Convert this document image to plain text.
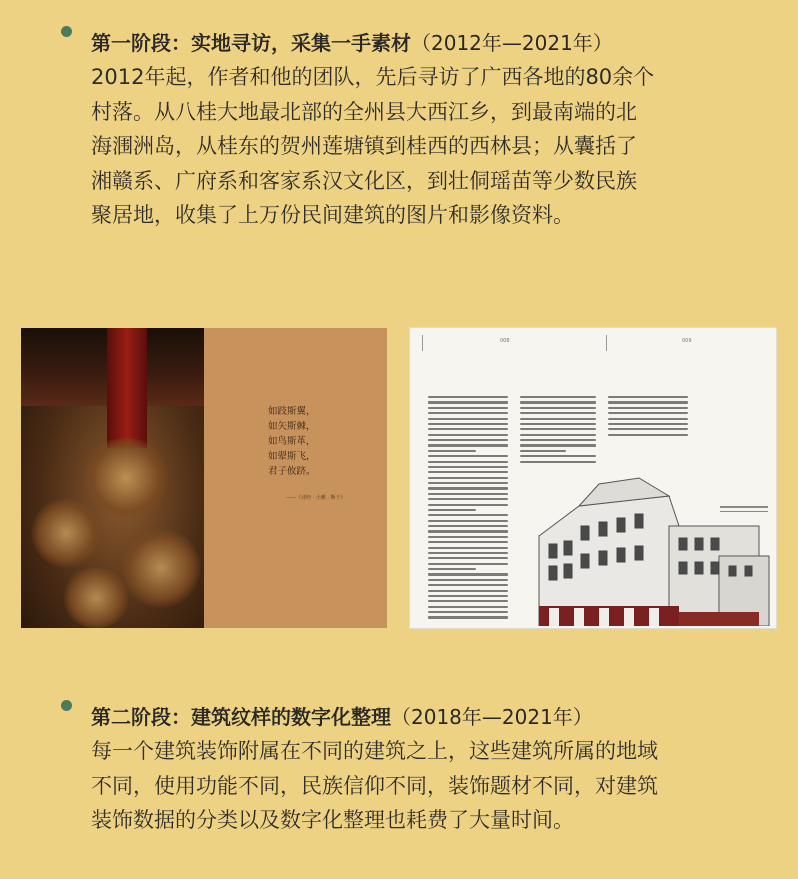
第一阶段：实地寻访，采集一手素材（2012年—2021年）
2012年起，作者和他的团队，先后寻访了广西各地的80余个
村落。从八桂大地最北部的全州县大西江乡，到最南端的北
海涠洲岛，从桂东的贺州莲塘镇到桂西的西林县；从囊括了
湘赣系、广府系和客家系汉文化区，到壮侗瑶苗等少数民族
聚居地，收集了上万份民间建筑的图片和影像资料。
如跂斯翼，
如矢斯棘，
如鸟斯革，
如翚斯飞，
君子攸跻。
——《诗经 · 小雅 · 斯干》
008	009
第二阶段：建筑纹样的数字化整理（2018年—2021年）
每一个建筑装饰附属在不同的建筑之上，这些建筑所属的地域
不同，使用功能不同，民族信仰不同，装饰题材不同，对建筑
装饰数据的分类以及数字化整理也耗费了大量时间。
